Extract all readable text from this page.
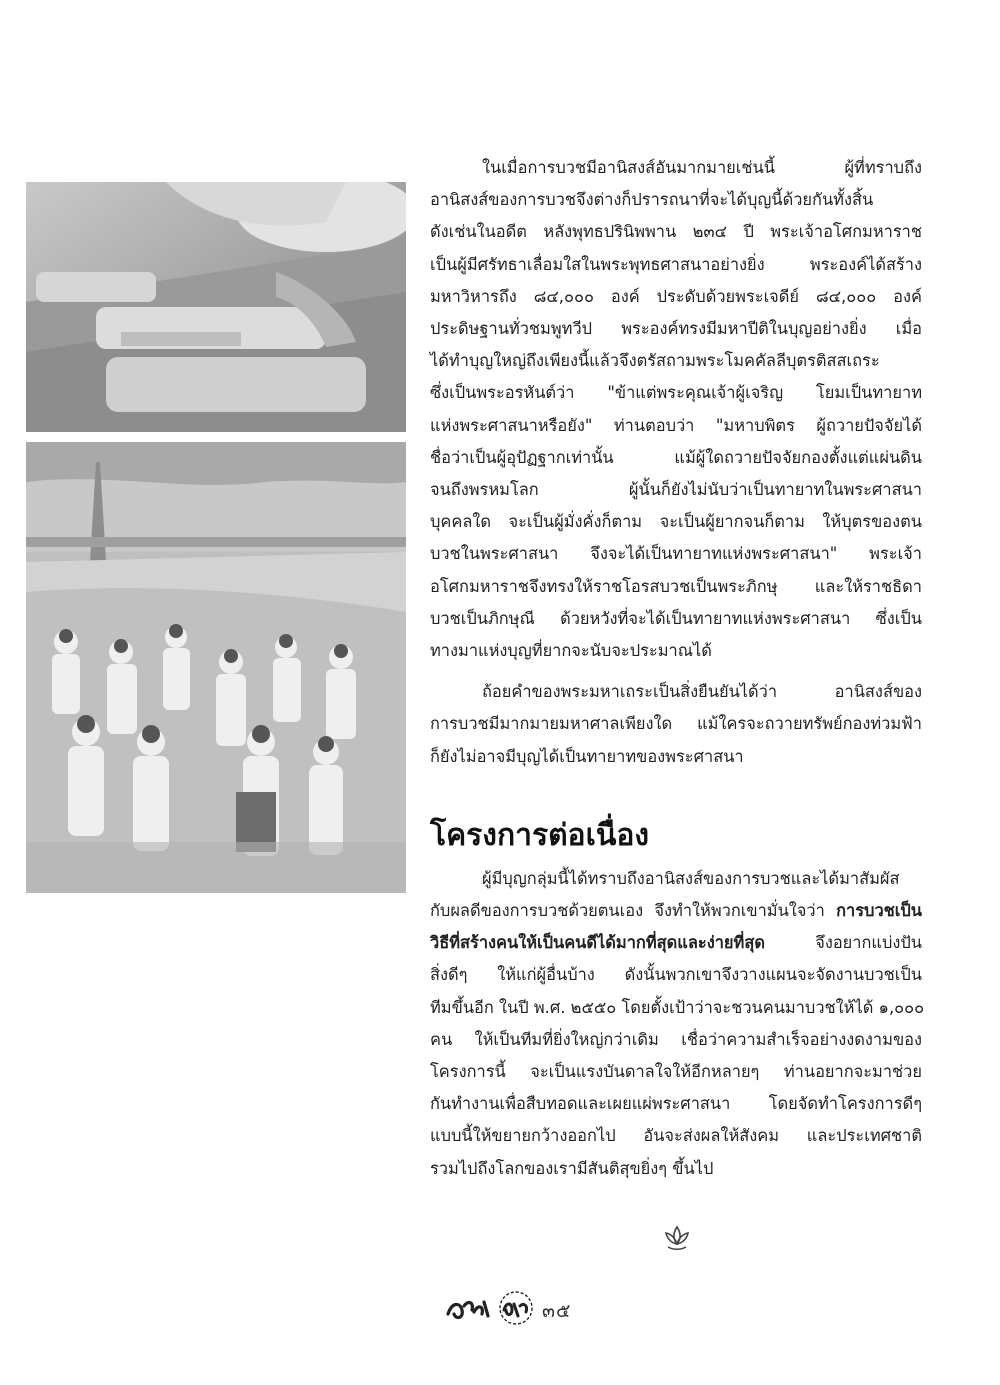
ในเมื่อการบวชมีอานิสงส์อันมากมายเช่นนี้ ผู้ที่ทราบถึง
อานิสงส์ของการบวชจึงต่างก็ปรารถนาที่จะได้บุญนี้ด้วยกันทั้งสิ้น
ดังเช่นในอดีต หลังพุทธปรินิพพาน ๒๓๔ ปี พระเจ้าอโศกมหาราช
เป็นผู้มีศรัทธาเลื่อมใสในพระพุทธศาสนาอย่างยิ่ง พระองค์ได้สร้าง
มหาวิหารถึง ๘๔,๐๐๐ องค์ ประดับด้วยพระเจดีย์ ๘๔,๐๐๐ องค์
ประดิษฐานทั่วชมพูทวีป พระองค์ทรงมีมหาปีติในบุญอย่างยิ่ง เมื่อ
ได้ทำบุญใหญ่ถึงเพียงนี้แล้วจึงตรัสถามพระโมคคัลลีบุตรติสสเถระ
ซึ่งเป็นพระอรหันต์ว่า "ข้าแต่พระคุณเจ้าผู้เจริญ โยมเป็นทายาท
แห่งพระศาสนาหรือยัง" ท่านตอบว่า "มหาบพิตร ผู้ถวายปัจจัยได้
ชื่อว่าเป็นผู้อุปัฏฐากเท่านั้น แม้ผู้ใดถวายปัจจัยกองตั้งแต่แผ่นดิน
จนถึงพรหมโลก ผู้นั้นก็ยังไม่นับว่าเป็นทายาทในพระศาสนา
บุคคลใด จะเป็นผู้มั่งคั่งก็ตาม จะเป็นผู้ยากจนก็ตาม ให้บุตรของตน
บวชในพระศาสนา จึงจะได้เป็นทายาทแห่งพระศาสนา" พระเจ้า
อโศกมหาราชจึงทรงให้ราชโอรสบวชเป็นพระภิกษุ และให้ราชธิดา
บวชเป็นภิกษุณี ด้วยหวังที่จะได้เป็นทายาทแห่งพระศาสนา ซึ่งเป็น
ทางมาแห่งบุญที่ยากจะนับจะประมาณได้

ถ้อยคำของพระมหาเถระเป็นสิ่งยืนยันได้ว่า อานิสงส์ของ
การบวชมีมากมายมหาศาลเพียงใด แม้ใครจะถวายทรัพย์กองท่วมฟ้า
ก็ยังไม่อาจมีบุญได้เป็นทายาทของพระศาสนา

โครงการต่อเนื่อง

ผู้มีบุญกลุ่มนี้ได้ทราบถึงอานิสงส์ของการบวชและได้มาสัมผัส
กับผลดีของการบวชด้วยตนเอง จึงทำให้พวกเขามั่นใจว่า การบวชเป็น
วิธีที่สร้างคนให้เป็นคนดีได้มากที่สุดและง่ายที่สุด จึงอยากแบ่งปัน
สิ่งดีๆ ให้แก่ผู้อื่นบ้าง ดังนั้นพวกเขาจึงวางแผนจะจัดงานบวชเป็น
ทีมขึ้นอีก ในปี พ.ศ. ๒๕๕๐ โดยตั้งเป้าว่าจะชวนคนมาบวชให้ได้ ๑,๐๐๐
คน ให้เป็นทีมที่ยิ่งใหญ่กว่าเดิม เชื่อว่าความสำเร็จอย่างงดงามของ
โครงการนี้ จะเป็นแรงบันดาลใจให้อีกหลายๆ ท่านอยากจะมาช่วย
กันทำงานเพื่อสืบทอดและเผยแผ่พระศาสนา โดยจัดทำโครงการดีๆ
แบบนี้ให้ขยายกว้างออกไป อันจะส่งผลให้สังคม และประเทศชาติ
รวมไปถึงโลกของเรามีสันติสุขยิ่งๆ ขึ้นไป

๓๕
